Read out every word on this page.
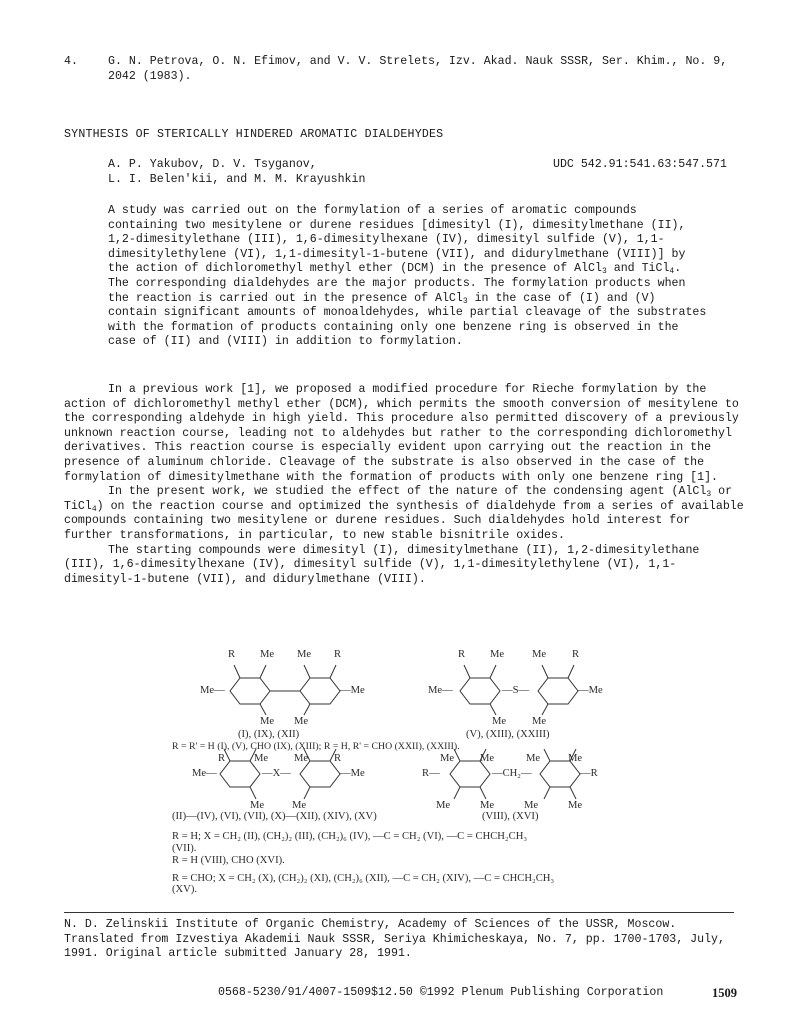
4.	G. N. Petrova, O. N. Efimov, and V. V. Strelets, Izv. Akad. Nauk SSSR, Ser. Khim., No. 9, 2042 (1983).
SYNTHESIS OF STERICALLY HINDERED AROMATIC DIALDEHYDES
A. P. Yakubov, D. V. Tsyganov,
L. I. Belen'kii, and M. M. Krayushkin
UDC 542.91:541.63:547.571
A study was carried out on the formylation of a series of aromatic compounds containing two mesitylene or durene residues [dimesityl (I), dimesitylmethane (II), 1,2-dimesitylethane (III), 1,6-dimesitylhexane (IV), dimesityl sulfide (V), 1,1-dimesitylethylene (VI), 1,1-dimesityl-1-butene (VII), and didurylmethane (VIII)] by the action of dichloromethyl methyl ether (DCM) in the presence of AlCl$_3$ and TiCl$_4$. The corresponding dialdehydes are the major products. The formylation products when the reaction is carried out in the presence of AlCl$_3$ in the case of (I) and (V) contain significant amounts of monoaldehydes, while partial cleavage of the substrates with the formation of products containing only one benzene ring is observed in the case of (II) and (VIII) in addition to formylation.

In a previous work [1], we proposed a modified procedure for Rieche formylation by the action of dichloromethyl methyl ether (DCM), which permits the smooth conversion of mesitylene to the corresponding aldehyde in high yield. This procedure also permitted discovery of a previously unknown reaction course, leading not to aldehydes but rather to the corresponding dichloromethyl derivatives. This reaction course is especially evident upon carrying out the reaction in the presence of aluminum chloride. Cleavage of the substrate is also observed in the case of the formylation of dimesitylmethane with the formation of products with only one benzene ring [1].

In the present work, we studied the effect of the nature of the condensing agent (AlCl$_3$ or TiCl$_4$) on the reaction course and optimized the synthesis of dialdehyde from a series of available compounds containing two mesitylene or durene residues. Such dialdehydes hold interest for further transformations, in particular, to new stable bisnitrile oxides.

The starting compounds were dimesityl (I), dimesitylmethane (II), 1,2-dimesitylethane (III), 1,6-dimesitylhexane (IV), dimesityl sulfide (V), 1,1-dimesitylethylene (VI), 1,1-dimesityl-1-butene (VII), and didurylmethane (VIII).

R Me Me R
Me—	—Me
Me Me
(I), (IX), (XII)
R Me	Me R
Me—	—S—	—Me
Me Me
(V), (XIII), (XXIII)
R = R' = H (I), (V), CHO (IX), (XIII); R = H, R' = CHO (XXII), (XXIII).
R	Me Me R
Me—	—X—	—Me
Me	Me
(II)—(IV), (VI), (VII), (X)—(XII), (XIV), (XV)
Me Me	Me	Me
R—	—CH₂—	—R
Me	Me	Me	Me
(VIII), (XVI)
R = H; X = CH₂ (II), (CH₂)₂ (III), (CH₂)₆ (IV), —C = CH₂ (VI), —C = CHCH₂CH₃
(VII).
R = H (VIII), CHO (XVI).
R = CHO; X = CH₂ (X), (CH₂)₂ (XI), (CH₂)₆ (XII), —C = CH₂ (XIV), —C = CHCH₂CH₃
(XV).
N. D. Zelinskii Institute of Organic Chemistry, Academy of Sciences of the USSR, Moscow. Translated from Izvestiya Akademii Nauk SSSR, Seriya Khimicheskaya, No. 7, pp. 1700-1703, July, 1991. Original article submitted January 28, 1991.
0568-5230/91/4007-1509$12.50 ©1992 Plenum Publishing Corporation	1509
